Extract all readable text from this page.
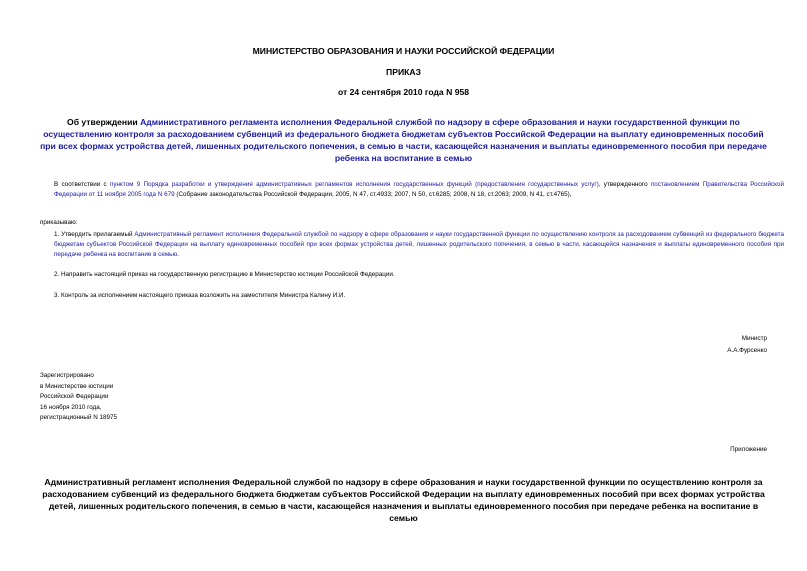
МИНИСТЕРСТВО ОБРАЗОВАНИЯ И НАУКИ РОССИЙСКОЙ ФЕДЕРАЦИИ
ПРИКАЗ
от 24 сентября 2010 года N 958
Об утверждении Административного регламента исполнения Федеральной службой по надзору в сфере образования и науки государственной функции по осуществлению контроля за расходованием субвенций из федерального бюджета бюджетам субъектов Российской Федерации на выплату единовременных пособий при всех формах устройства детей, лишенных родительского попечения, в семью в части, касающейся назначения и выплаты единовременного пособия при передаче ребенка на воспитание в семью
В соответствии с пунктом 9 Порядка разработки и утверждения административных регламентов исполнения государственных функций (предоставления государственных услуг), утвержденного постановлением Правительства Российской Федерации от 11 ноября 2005 года N 679 (Собрание законодательства Российской Федерации, 2005, N 47, ст.4933; 2007, N 50, ст.6285; 2008, N 18, ст.2063; 2009, N 41, ст.4765),
приказываю:
1. Утвердить прилагаемый Административный регламент исполнения Федеральной службой по надзору в сфере образования и науки государственной функции по осуществлению контроля за расходованием субвенций из федерального бюджета бюджетам субъектов Российской Федерации на выплату единовременных пособий при всех формах устройства детей, лишенных родительского попечения, в семью в части, касающейся назначения и выплаты единовременного пособия при передаче ребенка на воспитание в семью.
2. Направить настоящий приказ на государственную регистрацию в Министерство юстиции Российской Федерации.
3. Контроль за исполнением настоящего приказа возложить на заместителя Министра Калину И.И.
Министр
А.А.Фурсенко
Зарегистрировано
в Министерстве юстиции
Российской Федерации
16 ноября 2010 года,
регистрационный N 18975
Приложение
Административный регламент исполнения Федеральной службой по надзору в сфере образования и науки государственной функции по осуществлению контроля за расходованием субвенций из федерального бюджета бюджетам субъектов Российской Федерации на выплату единовременных пособий при всех формах устройства детей, лишенных родительского попечения, в семью в части, касающейся назначения и выплаты единовременного пособия при передаче ребенка на воспитание в семью
